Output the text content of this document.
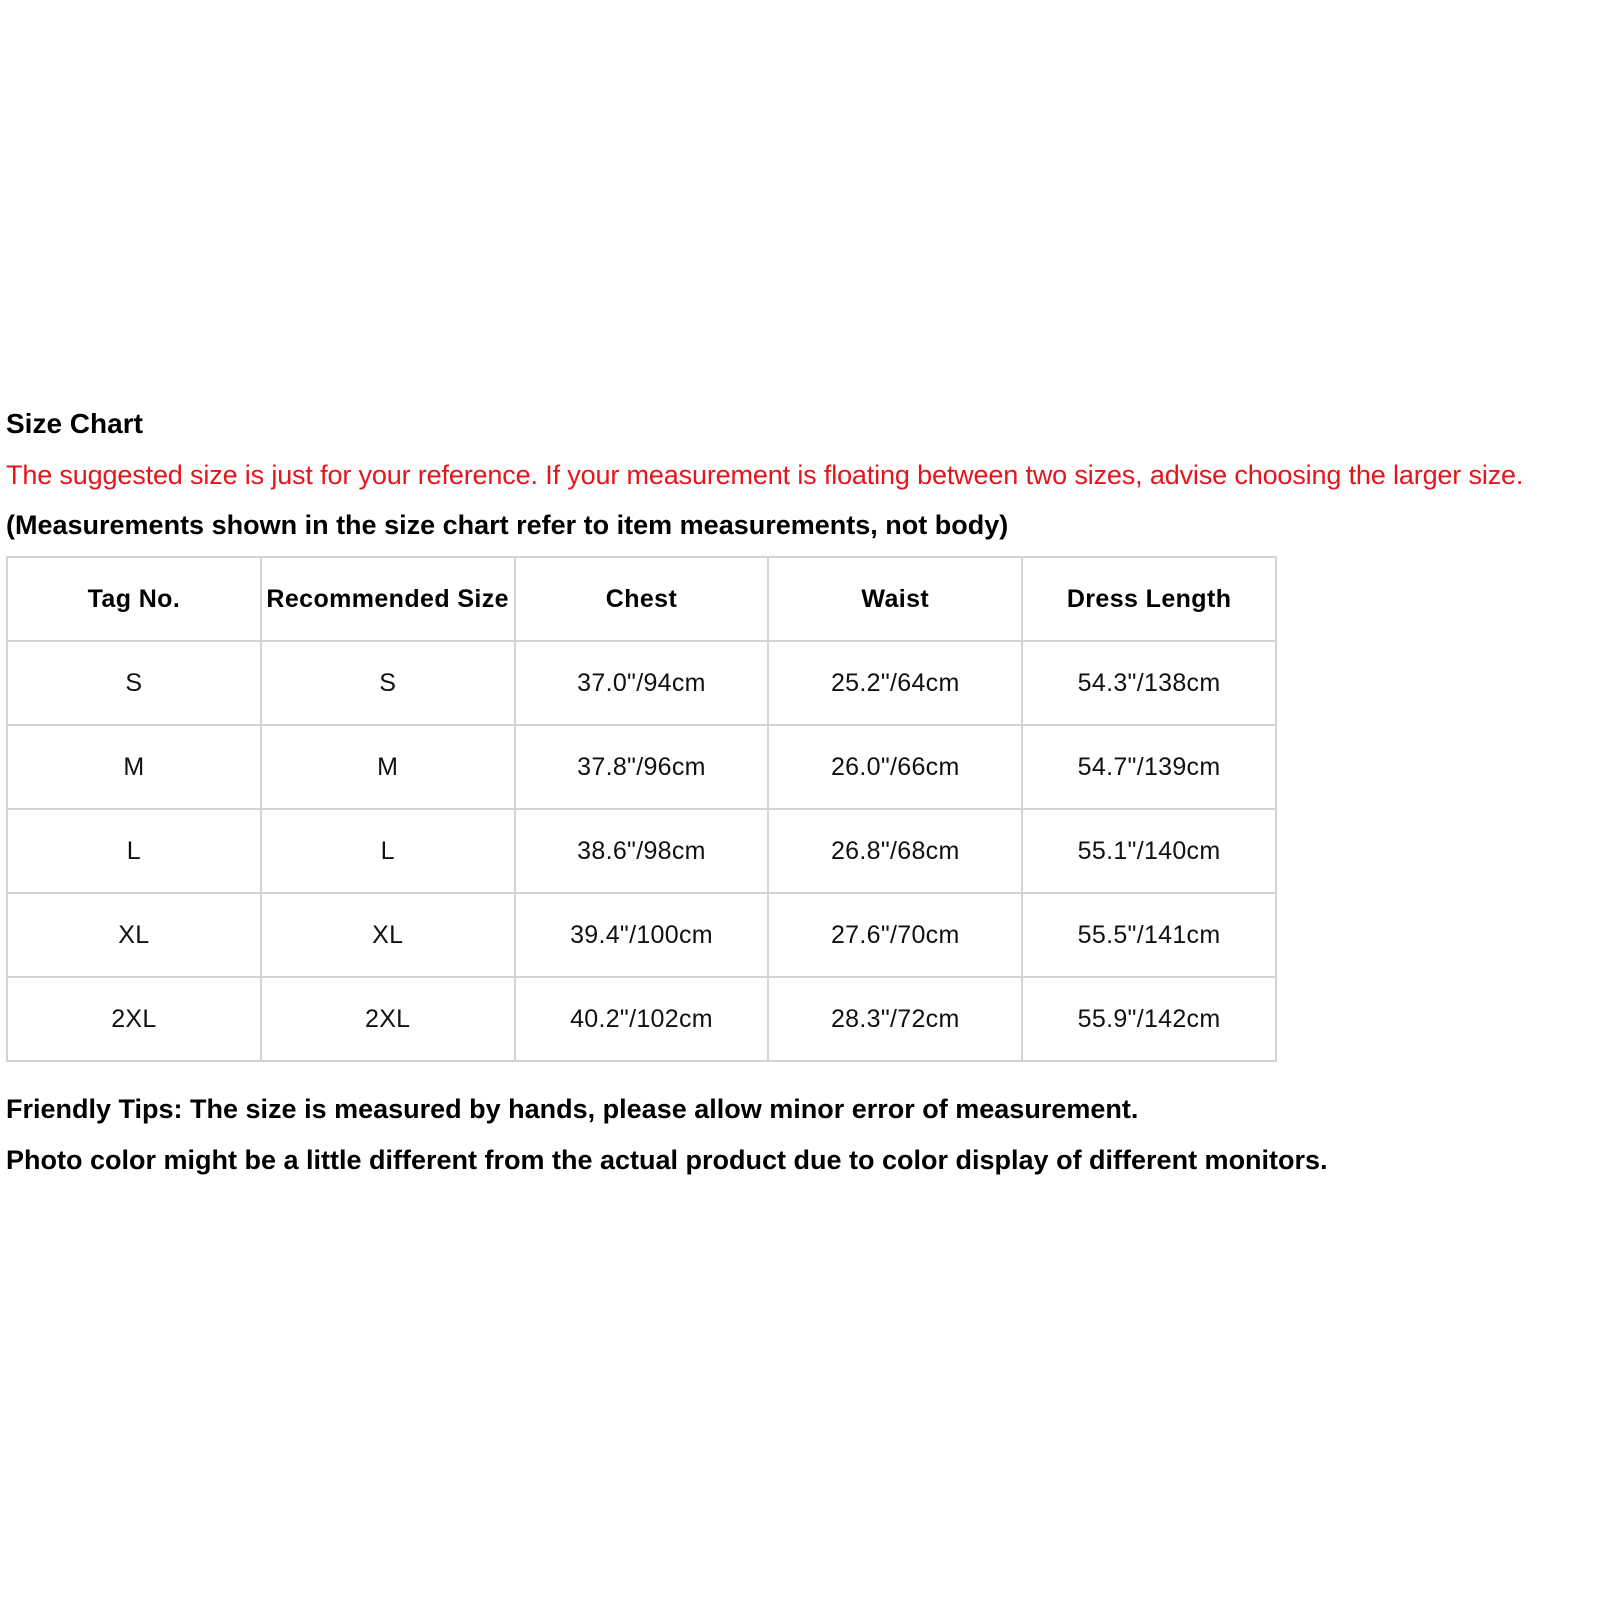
Size Chart
The suggested size is just for your reference. If your measurement is floating between two sizes, advise choosing the larger size.
(Measurements shown in the size chart refer to item measurements, not body)
Tag No.	Recommended Size	Chest	Waist	Dress Length
S	S	37.0"/94cm	25.2"/64cm	54.3"/138cm
M	M	37.8"/96cm	26.0"/66cm	54.7"/139cm
L	L	38.6"/98cm	26.8"/68cm	55.1"/140cm
XL	XL	39.4"/100cm	27.6"/70cm	55.5"/141cm
2XL	2XL	40.2"/102cm	28.3"/72cm	55.9"/142cm
Friendly Tips: The size is measured by hands, please allow minor error of measurement.
Photo color might be a little different from the actual product due to color display of different monitors.
